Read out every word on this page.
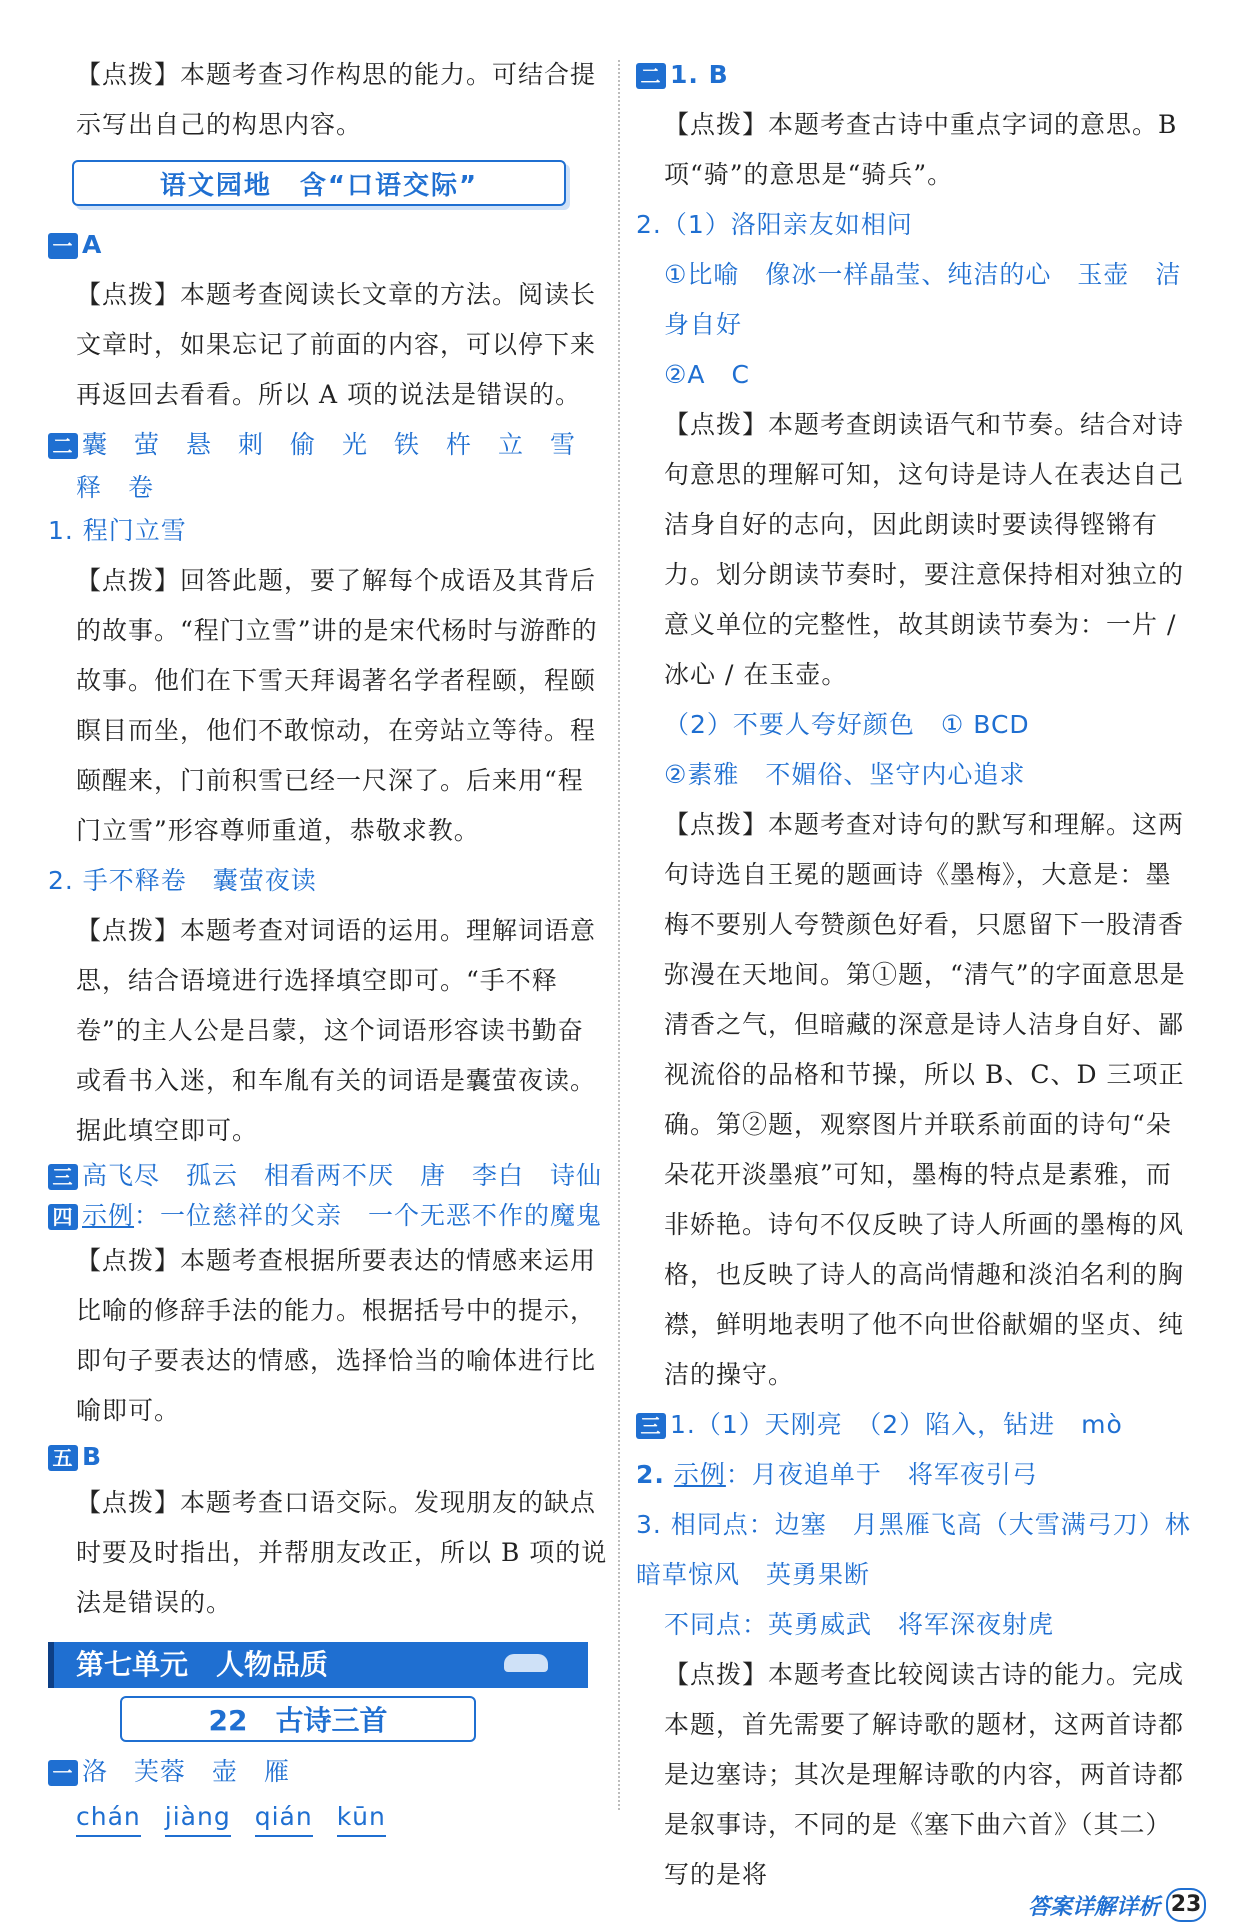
【点拨】本题考查习作构思的能力。可结合提示写出自己的构思内容。

语文园地　含“口语交际”

一 A

【点拨】本题考查阅读长文章的方法。阅读长文章时，如果忘记了前面的内容，可以停下来再返回去看看。所以 A 项的说法是错误的。

二 囊　萤　悬　刺　偷　光　铁　杵　立　雪

释　卷

1. 程门立雪

【点拨】回答此题，要了解每个成语及其背后的故事。“程门立雪”讲的是宋代杨时与游酢的故事。他们在下雪天拜谒著名学者程颐，程颐瞑目而坐，他们不敢惊动，在旁站立等待。程颐醒来，门前积雪已经一尺深了。后来用“程门立雪”形容尊师重道，恭敬求教。

2. 手不释卷　囊萤夜读

【点拨】本题考查对词语的运用。理解词语意思，结合语境进行选择填空即可。“手不释卷”的主人公是吕蒙，这个词语形容读书勤奋或看书入迷，和车胤有关的词语是囊萤夜读。据此填空即可。

三 高飞尽　孤云　相看两不厌　唐　李白　诗仙

四 示例：一位慈祥的父亲　一个无恶不作的魔鬼

【点拨】本题考查根据所要表达的情感来运用比喻的修辞手法的能力。根据括号中的提示，即句子要表达的情感，选择恰当的喻体进行比喻即可。

五 B

【点拨】本题考查口语交际。发现朋友的缺点时要及时指出，并帮朋友改正，所以 B 项的说法是错误的。

第七单元　人物品质
22　古诗三首

一 洛　芙蓉　壶　雁

chán jiàng qián kūn

二 1. B

【点拨】本题考查古诗中重点字词的意思。B 项“骑”的意思是“骑兵”。

2.（1）洛阳亲友如相问

①比喻　像冰一样晶莹、纯洁的心　玉壶　洁身自好

②A　C

【点拨】本题考查朗读语气和节奏。结合对诗句意思的理解可知，这句诗是诗人在表达自己洁身自好的志向，因此朗读时要读得铿锵有力。划分朗读节奏时，要注意保持相对独立的意义单位的完整性，故其朗读节奏为：一片 / 冰心 / 在玉壶。

（2）不要人夸好颜色　① BCD

②素雅　不媚俗、坚守内心追求

【点拨】本题考查对诗句的默写和理解。这两句诗选自王冕的题画诗《墨梅》，大意是：墨梅不要别人夸赞颜色好看，只愿留下一股清香弥漫在天地间。第①题，“清气”的字面意思是清香之气，但暗藏的深意是诗人洁身自好、鄙视流俗的品格和节操，所以 B、C、D 三项正确。第②题，观察图片并联系前面的诗句“朵朵花开淡墨痕”可知，墨梅的特点是素雅，而非娇艳。诗句不仅反映了诗人所画的墨梅的风格，也反映了诗人的高尚情趣和淡泊名利的胸襟，鲜明地表明了他不向世俗献媚的坚贞、纯洁的操守。

三 1.（1）天刚亮　（2）陷入，钻进　mò

2. 示例：月夜追单于　将军夜引弓

3. 相同点：边塞　月黑雁飞高（大雪满弓刀）林暗草惊风　英勇果断

不同点：英勇威武　将军深夜射虎

【点拨】本题考查比较阅读古诗的能力。完成本题，首先需要了解诗歌的题材，这两首诗都是边塞诗；其次是理解诗歌的内容，两首诗都是叙事诗，不同的是《塞下曲六首》（其二）写的是将

答案详解详析 23
